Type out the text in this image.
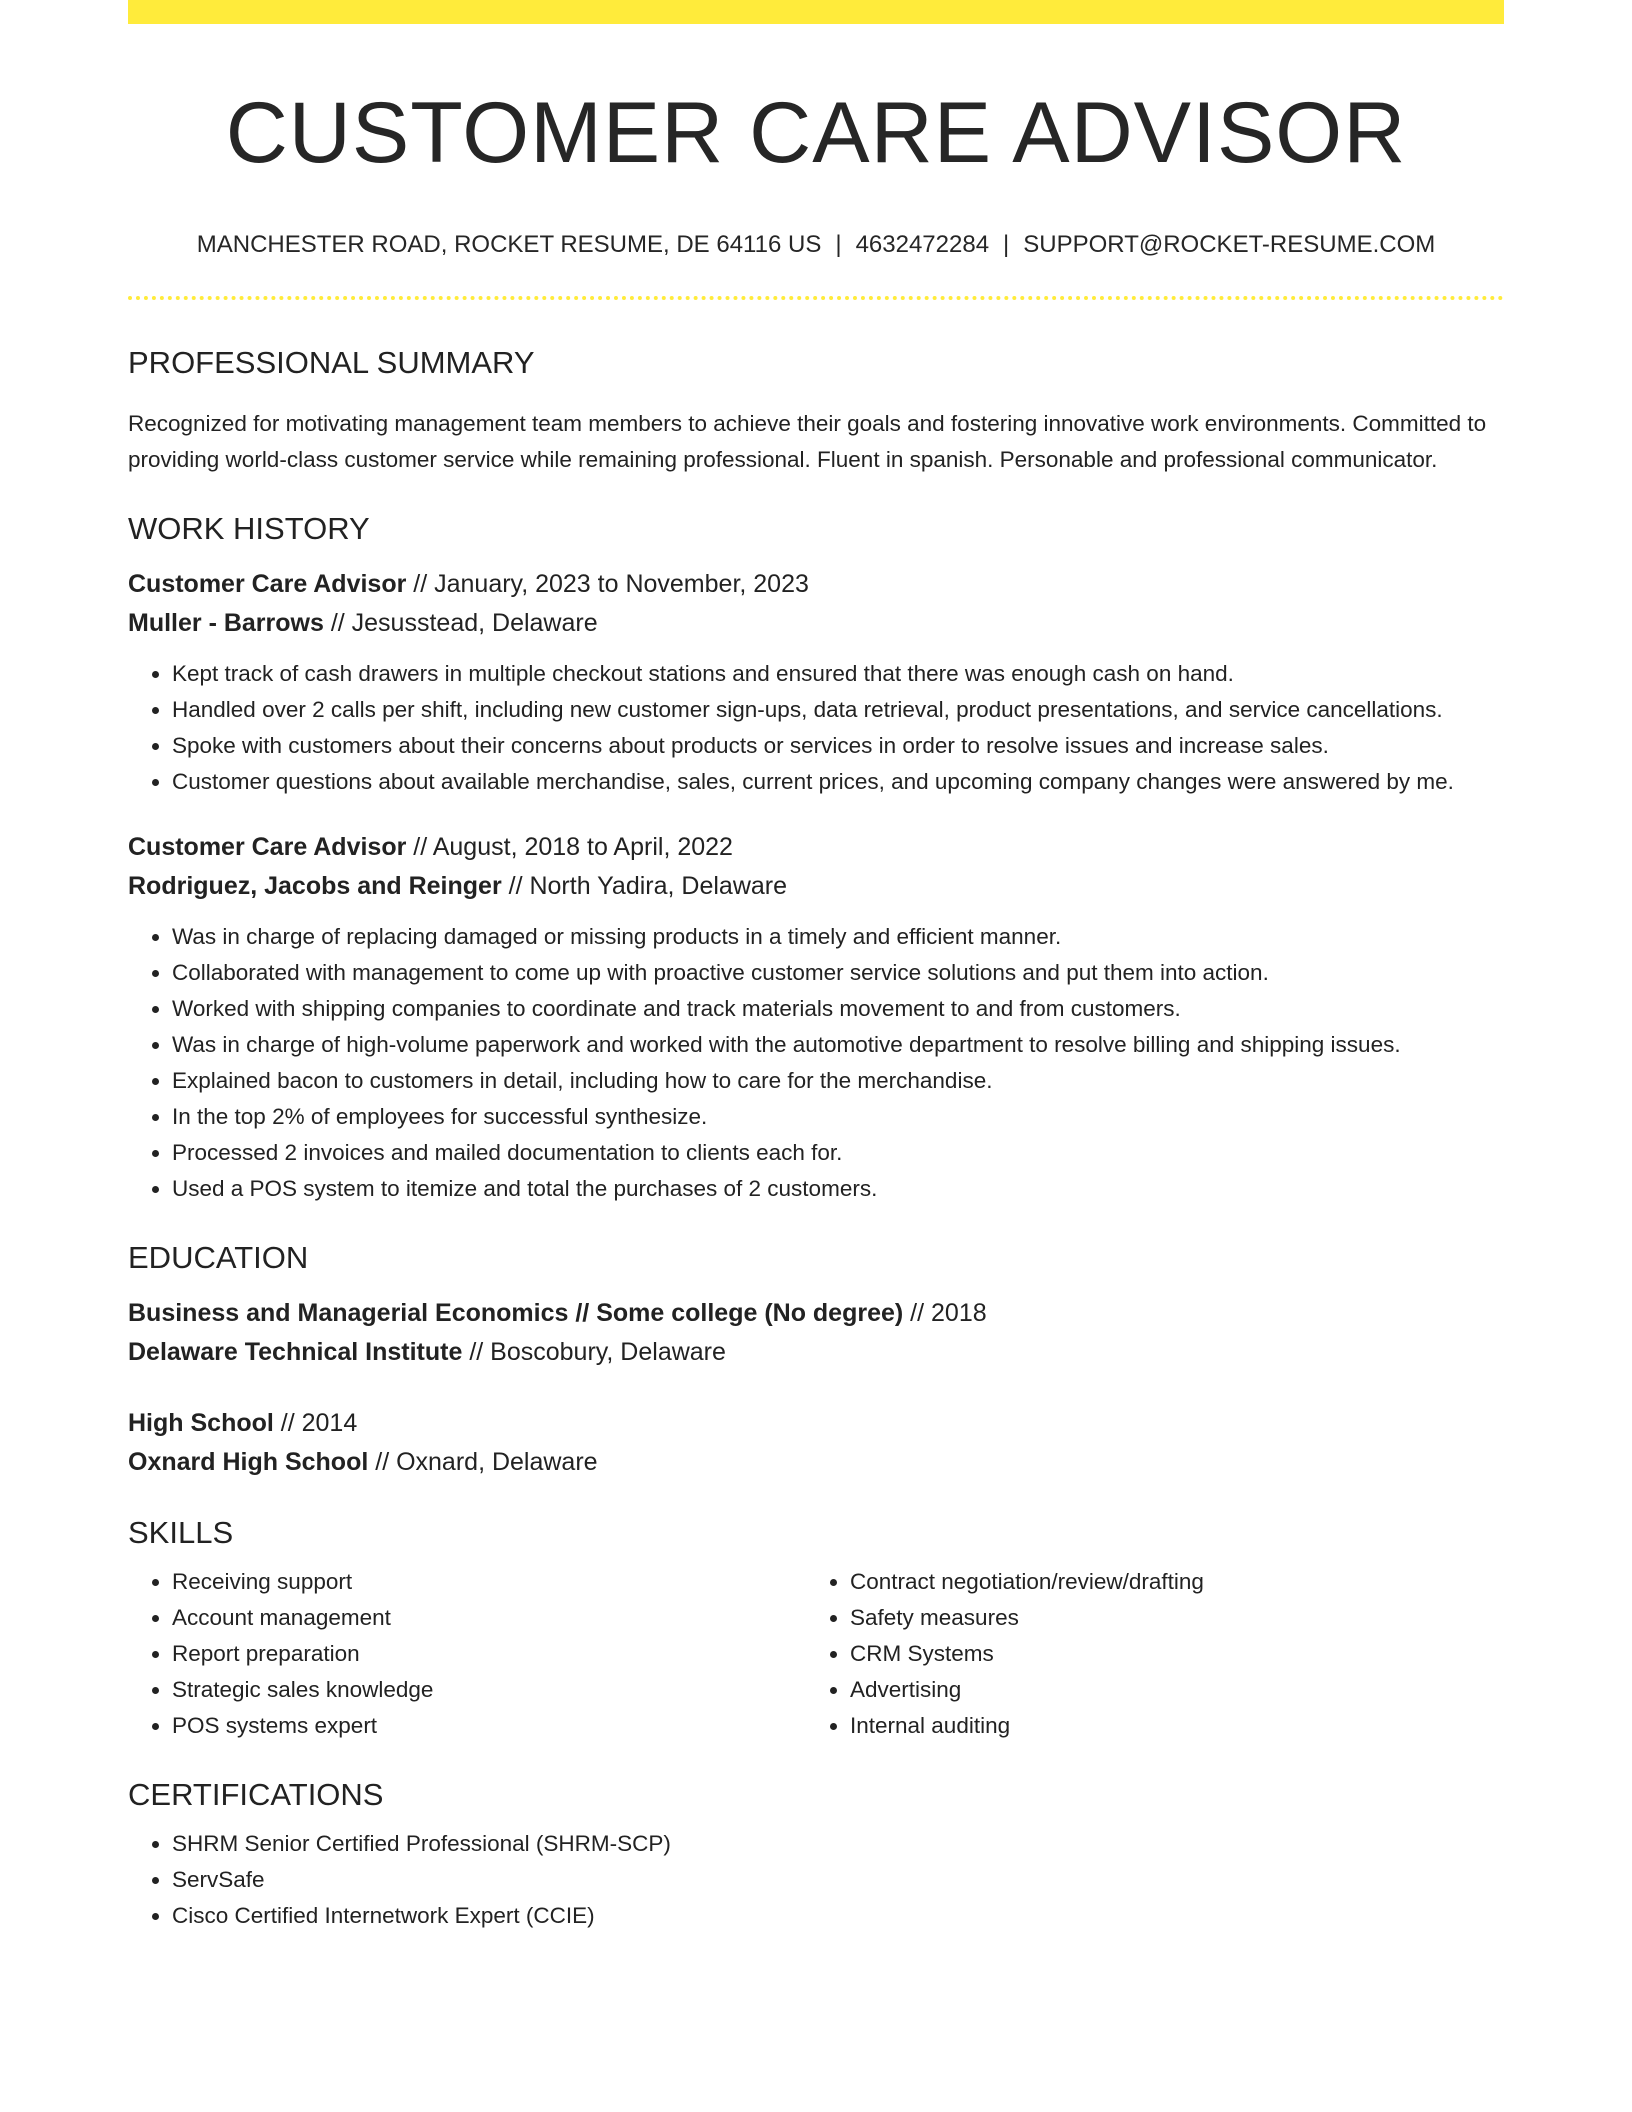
CUSTOMER CARE ADVISOR
MANCHESTER ROAD, ROCKET RESUME, DE 64116 US | 4632472284 | SUPPORT@ROCKET-RESUME.COM
PROFESSIONAL SUMMARY
Recognized for motivating management team members to achieve their goals and fostering innovative work environments. Committed to providing world-class customer service while remaining professional. Fluent in spanish. Personable and professional communicator.
WORK HISTORY
Customer Care Advisor // January, 2023 to November, 2023
Muller - Barrows // Jesusstead, Delaware
• Kept track of cash drawers in multiple checkout stations and ensured that there was enough cash on hand.
• Handled over 2 calls per shift, including new customer sign-ups, data retrieval, product presentations, and service cancellations.
• Spoke with customers about their concerns about products or services in order to resolve issues and increase sales.
• Customer questions about available merchandise, sales, current prices, and upcoming company changes were answered by me.
Customer Care Advisor // August, 2018 to April, 2022
Rodriguez, Jacobs and Reinger // North Yadira, Delaware
• Was in charge of replacing damaged or missing products in a timely and efficient manner.
• Collaborated with management to come up with proactive customer service solutions and put them into action.
• Worked with shipping companies to coordinate and track materials movement to and from customers.
• Was in charge of high-volume paperwork and worked with the automotive department to resolve billing and shipping issues.
• Explained bacon to customers in detail, including how to care for the merchandise.
• In the top 2% of employees for successful synthesize.
• Processed 2 invoices and mailed documentation to clients each for.
• Used a POS system to itemize and total the purchases of 2 customers.
EDUCATION
Business and Managerial Economics // Some college (No degree) // 2018
Delaware Technical Institute // Boscobury, Delaware
High School // 2014
Oxnard High School // Oxnard, Delaware
SKILLS
• Receiving support
• Account management
• Report preparation
• Strategic sales knowledge
• POS systems expert
• Contract negotiation/review/drafting
• Safety measures
• CRM Systems
• Advertising
• Internal auditing
CERTIFICATIONS
• SHRM Senior Certified Professional (SHRM-SCP)
• ServSafe
• Cisco Certified Internetwork Expert (CCIE)
